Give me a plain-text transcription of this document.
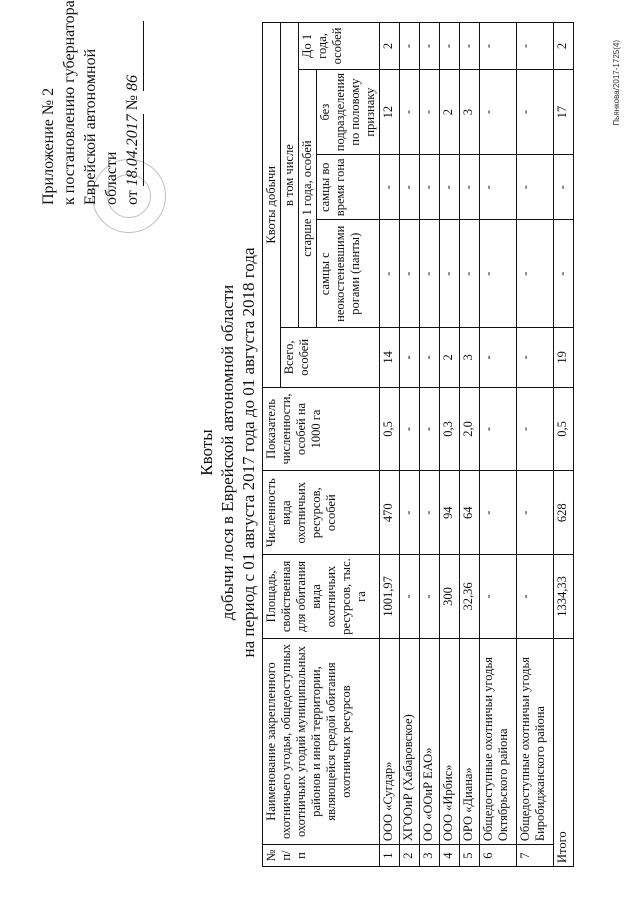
Приложение № 2 к постановлению губернатора Еврейской автономной области от 18.04.2017 № 86
Квоты добычи лося в Еврейской автономной области на период с 01 августа 2017 года до 01 августа 2018 года
№ п/п	Наименование закрепленного охотничьего угодья, общедоступных охотничьих угодий муниципальных районов и иной территории, являющейся средой обитания охотничьих ресурсов	Площадь, свойственная для обитания вида охотничьих ресурсов, тыс. га	Численность вида охотничьих ресурсов, особей	Показатель численности, особей на 1000 га	Квоты добычи				
					Всего, особей	в том числе			
						старше 1 года, особей			До 1 года, особей
						самцы с неокостеневшими рогами (панты)	самцы во время гона	без подразделения по половому признаку	
1	ООО «Сугдар»	1001,97	470	0,5	14	-	-	12	2
2	ХГООиР (Хабаровское)	-	-	-	-	-	-	-	-
3	ОО «ООиР ЕАО»	-	-	-	-	-	-	-	-
4	ООО «Ирбис»	300	94	0,3	2	-	-	2	-
5	ОРО «Диана»	32,36	64	2,0	3	-	-	3	-
6	Общедоступные охотничьи угодья Октябрьского района	-	-	-	-	-	-	-	-
7	Общедоступные охотничьи угодья Биробиджанского района	-	-	-	-	-	-	-	-
Итого		1334,33	628	0,5	19	-	-	17	2	Пьянкова/2017-1725(4)
